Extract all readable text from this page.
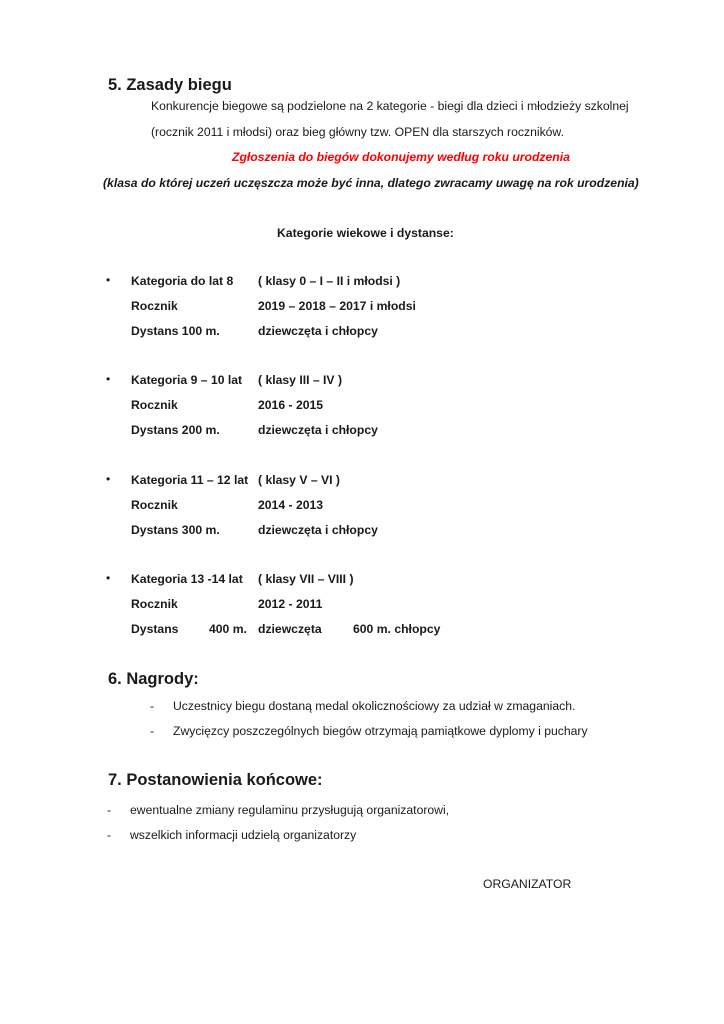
5. Zasady biegu
Konkurencje biegowe są podzielone na 2 kategorie - biegi dla dzieci i młodzieży szkolnej
(rocznik 2011 i młodsi) oraz bieg główny tzw. OPEN dla starszych roczników.
Zgłoszenia do biegów dokonujemy według roku urodzenia
(klasa do której uczeń uczęszcza może być inna, dlatego zwracamy uwagę na rok urodzenia)
Kategorie wiekowe i dystanse:
• Kategoria do lat 8 ( klasy 0 – I – II i młodsi )
Rocznik	2019 – 2018 – 2017 i młodsi
Dystans 100 m.	dziewczęta i chłopcy
• Kategoria 9 – 10 lat ( klasy III – IV )
Rocznik	2016 - 2015
Dystans 200 m.	dziewczęta i chłopcy
• Kategoria 11 – 12 lat ( klasy V – VI )
Rocznik	2014 - 2013
Dystans 300 m.	dziewczęta i chłopcy
• Kategoria 13 -14 lat ( klasy VII – VIII )
Rocznik	2012 - 2011
Dystans	400 m. dziewczęta	600 m. chłopcy
6. Nagrody:
- Uczestnicy biegu dostaną medal okolicznościowy za udział w zmaganiach.
- Zwycięzcy poszczególnych biegów otrzymają pamiątkowe dyplomy i puchary
7. Postanowienia końcowe:
- ewentualne zmiany regulaminu przysługują organizatorowi,
- wszelkich informacji udzielą organizatorzy
ORGANIZATOR
